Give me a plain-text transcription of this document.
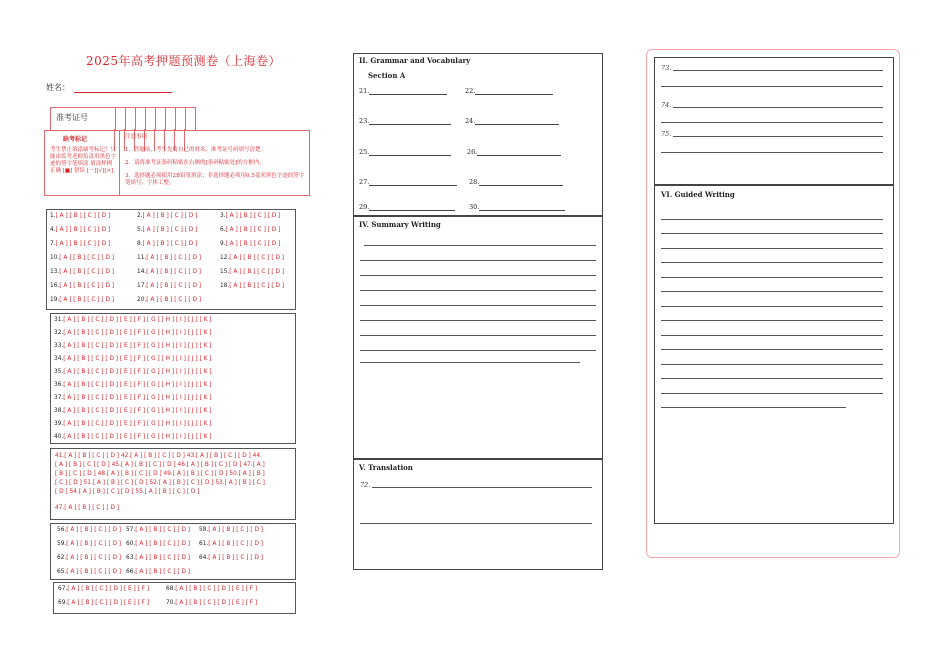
2025年高考押题预测卷（上海卷）
姓名：
准考证号
缺考标记
考生禁止填涂缺考标记！只能由监考老师负责用黑色字迹的签字笔填涂 填涂样例 正确 [■] 错误 [一][√][×]

注意事项

1．答题前，考生先将自己的姓名、准考证号码填写清楚。

2．请将准考证条码粘贴在右侧的[条码粘贴处]的方框内。

3．选择题必须使用2B铅笔填涂；非选择题必须用0.5毫米黑色字迹的签字笔填写，字体工整。

1.[ A ] [ B ] [ C ] [ D ]	2.[ A ] [ B ] [ C ] [ D ]	3.[ A ] [ B ] [ C ] [ D ]
4.[ A ] [ B ] [ C ] [ D ]	5.[ A ] [ B ] [ C ] [ D ]	6.[ A ] [ B ] [ C ] [ D ]
7.[ A ] [ B ] [ C ] [ D ]	8.[ A ] [ B ] [ C ] [ D ]	9.[ A ] [ B ] [ C ] [ D ]
10.[ A ] [ B ] [ C ] [ D ]	11.[ A ] [ B ] [ C ] [ D ]	12.[ A ] [ B ] [ C ] [ D ]
13.[ A ] [ B ] [ C ] [ D ]	14.[ A ] [ B ] [ C ] [ D ]	15.[ A ] [ B ] [ C ] [ D ]
16.[ A ] [ B ] [ C ] [ D ]	17.[ A ] [ B ] [ C ] [ D ]	18.[ A ] [ B ] [ C ] [ D ]
19.[ A ] [ B ] [ C ] [ D ]	20.[ A ] [ B ] [ C ] [ D ]
31.[ A ] [ B ] [ C ] [ D ] [ E ] [ F ] [ G ] [ H ] [ I ] [ J ] [ K ]
32.[ A ] [ B ] [ C ] [ D ] [ E ] [ F ] [ G ] [ H ] [ I ] [ J ] [ K ]
33.[ A ] [ B ] [ C ] [ D ] [ E ] [ F ] [ G ] [ H ] [ I ] [ J ] [ K ]
34.[ A ] [ B ] [ C ] [ D ] [ E ] [ F ] [ G ] [ H ] [ I ] [ J ] [ K ]
35.[ A ] [ B ] [ C ] [ D ] [ E ] [ F ] [ G ] [ H ] [ I ] [ J ] [ K ]
36.[ A ] [ B ] [ C ] [ D ] [ E ] [ F ] [ G ] [ H ] [ I ] [ J ] [ K ]
37.[ A ] [ B ] [ C ] [ D ] [ E ] [ F ] [ G ] [ H ] [ I ] [ J ] [ K ]
38.[ A ] [ B ] [ C ] [ D ] [ E ] [ F ] [ G ] [ H ] [ I ] [ J ] [ K ]
39.[ A ] [ B ] [ C ] [ D ] [ E ] [ F ] [ G ] [ H ] [ I ] [ J ] [ K ]
40.[ A ] [ B ] [ C ] [ D ] [ E ] [ F ] [ G ] [ H ] [ I ] [ J ] [ K ]
41.[ A ] [ B ] [ C ] [ D ] 42.[ A ] [ B ] [ C ] [ D ] 43.[ A ] [ B ] [ C ] [ D ] 44.
[ A ] [ B ] [ C ] [ D ] 45.[ A ] [ B ] [ C ] [ D ] 46.[ A ] [ B ] [ C ] [ D ] 47.[ A ]
[ B ] [ C ] [ D ] 48.[ A ] [ B ] [ C ] [ D ] 49.[ A ] [ B ] [ C ] [ D ] 50.[ A ] [ B ]
[ C ] [ D ] 51.[ A ] [ B ] [ C ] [ D ] 52.[ A ] [ B ] [ C ] [ D ] 53.[ A ] [ B ] [ C ]
[ D ] 54.[ A ] [ B ] [ C ] [ D ] 55.[ A ] [ B ] [ C ] [ D ]
47.[ A ] [ B ] [ C ] [ D ]
56.[ A ] [ B ] [ C ] [ D ] 57.[ A ] [ B ] [ C ] [ D ] 58.[ A ] [ B ] [ C ] [ D ]
59.[ A ] [ B ] [ C ] [ D ] 60.[ A ] [ B ] [ C ] [ D ] 61.[ A ] [ B ] [ C ] [ D ]
62.[ A ] [ B ] [ C ] [ D ] 63.[ A ] [ B ] [ C ] [ D ] 64.[ A ] [ B ] [ C ] [ D ]
65.[ A ] [ B ] [ C ] [ D ] 66.[ A ] [ B ] [ C ] [ D ]
67.[ A ] [ B ] [ C ] [ D ] [ E ] [ F ]	68.[ A ] [ B ] [ C ] [ D ] [ E ] [ F ]
69.[ A ] [ B ] [ C ] [ D ] [ E ] [ F ]	70.[ A ] [ B ] [ C ] [ D ] [ E ] [ F ]
II. Grammar and Vocabulary
Section A
21.	22.
23.	24.
25.	26.
27.	28.
29.	30.
IV. Summary Writing
V. Translation
72.
73.
74.
75.
VI. Guided Writing
